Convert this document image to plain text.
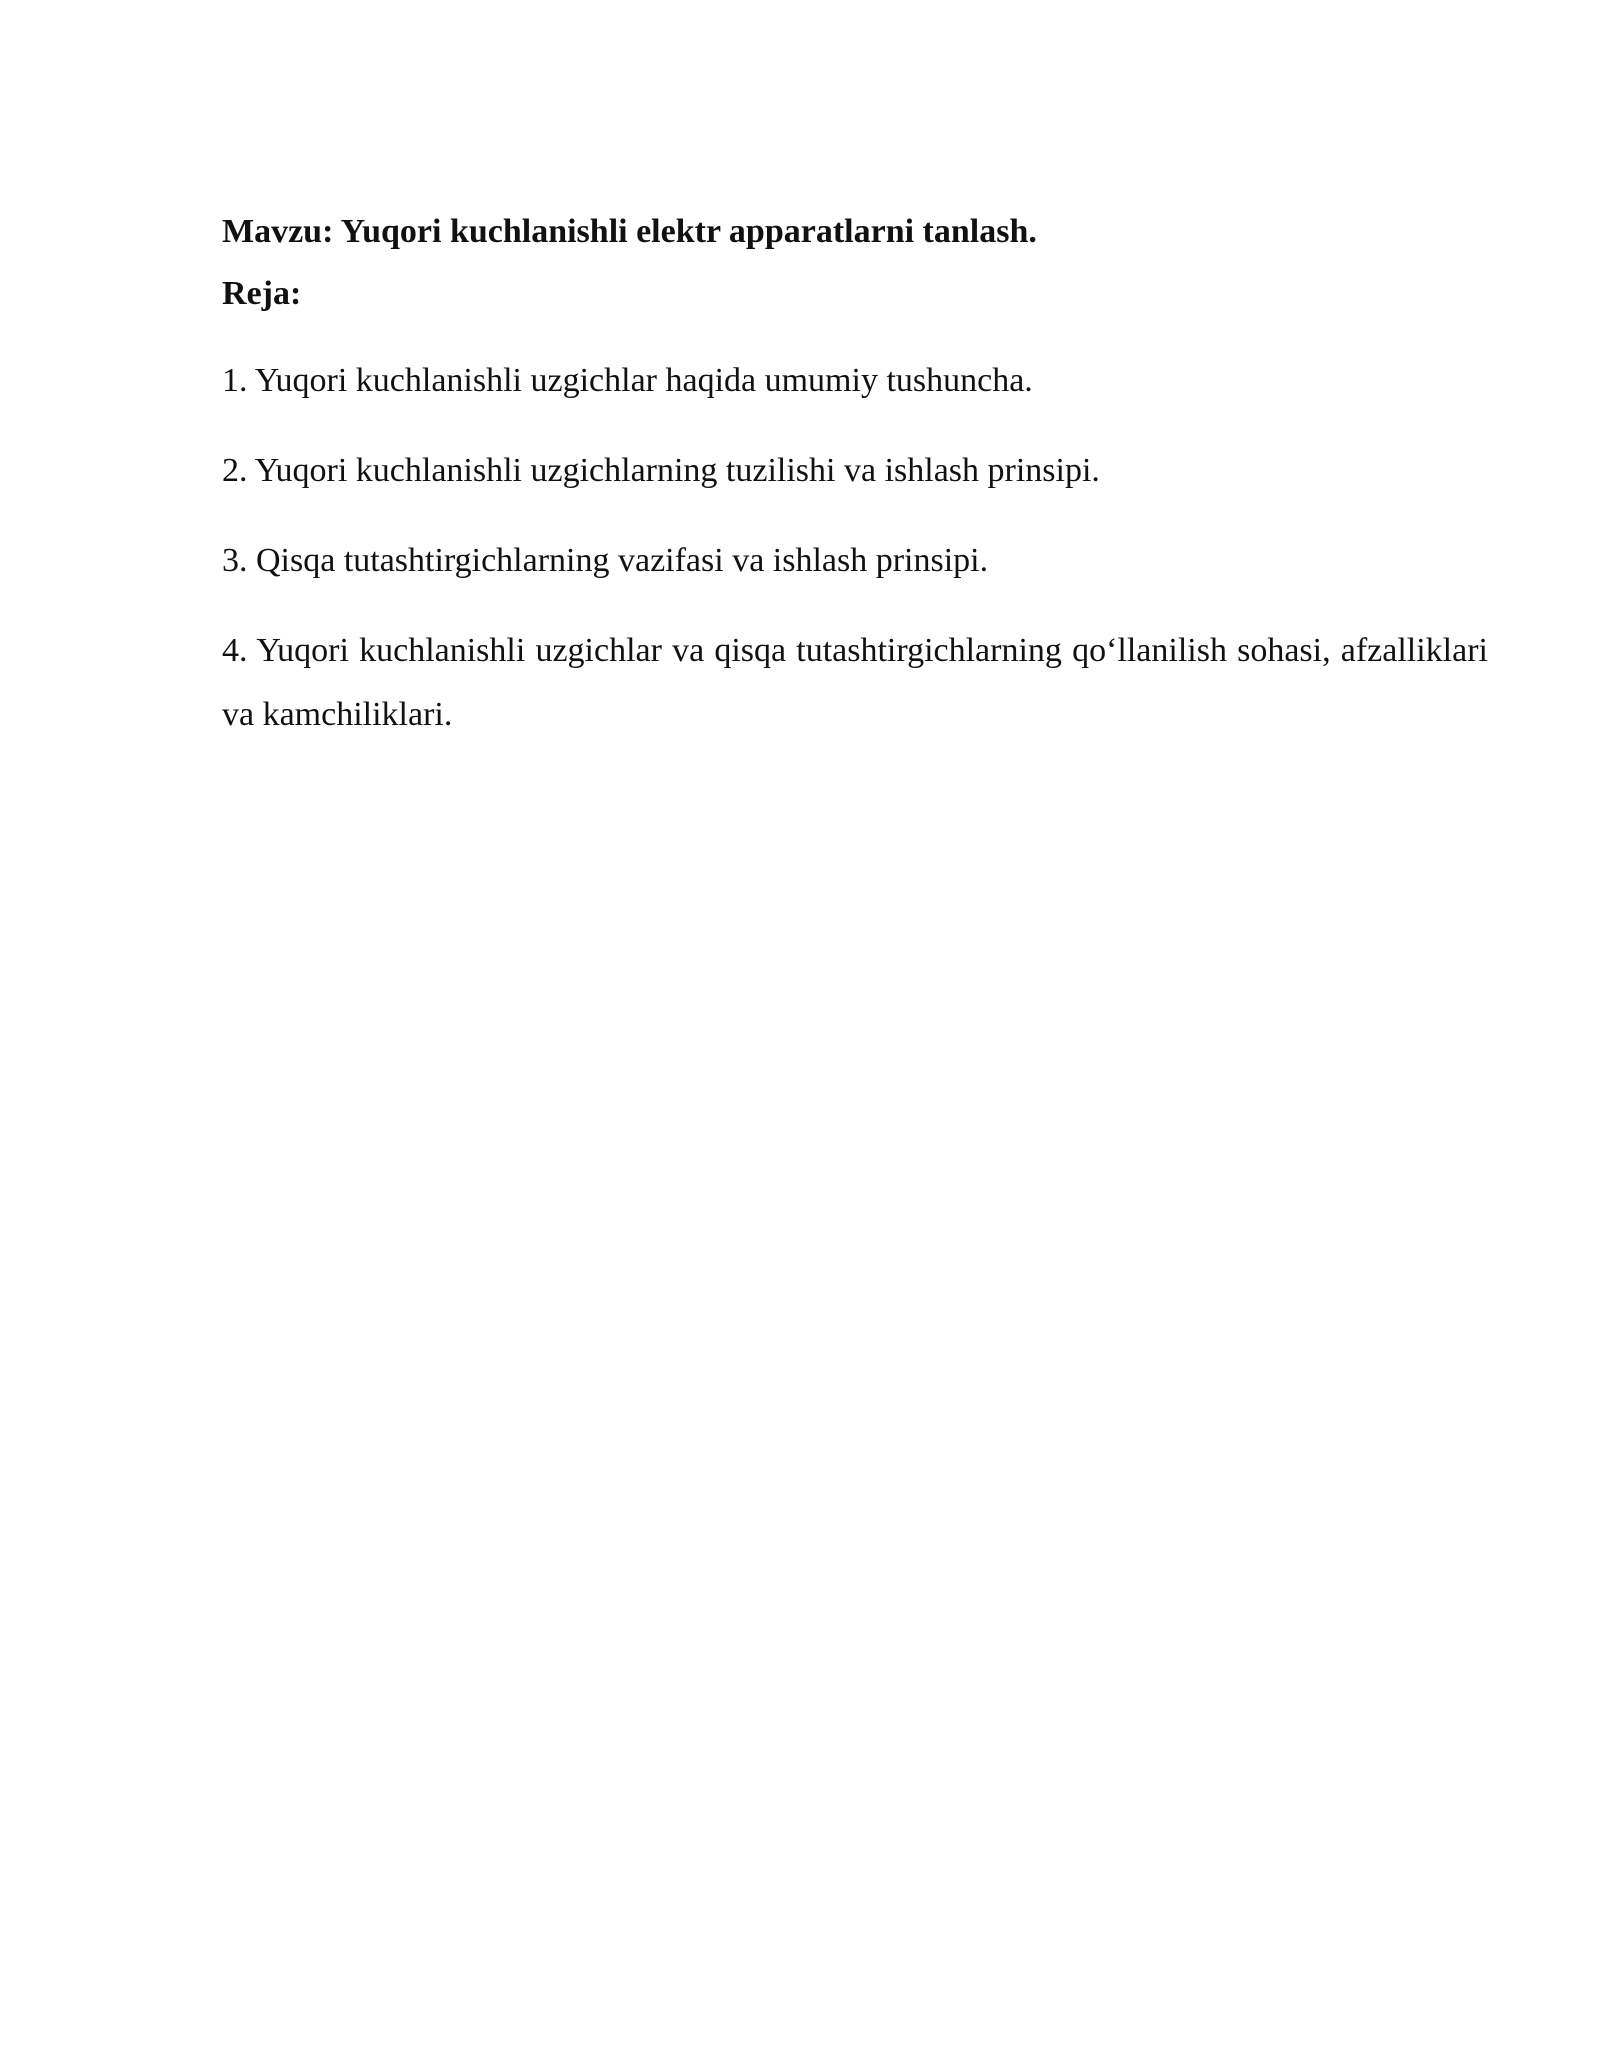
Mavzu: Yuqori kuchlanishli elektr apparatlarni tanlash.

Reja:

1. Yuqori kuchlanishli uzgichlar haqida umumiy tushuncha.
2. Yuqori kuchlanishli uzgichlarning tuzilishi va ishlash prinsipi.
3. Qisqa tutashtirgichlarning vazifasi va ishlash prinsipi.
4. Yuqori kuchlanishli uzgichlar va qisqa tutashtirgichlarning qo‘llanilish sohasi, afzalliklari va kamchiliklari.
